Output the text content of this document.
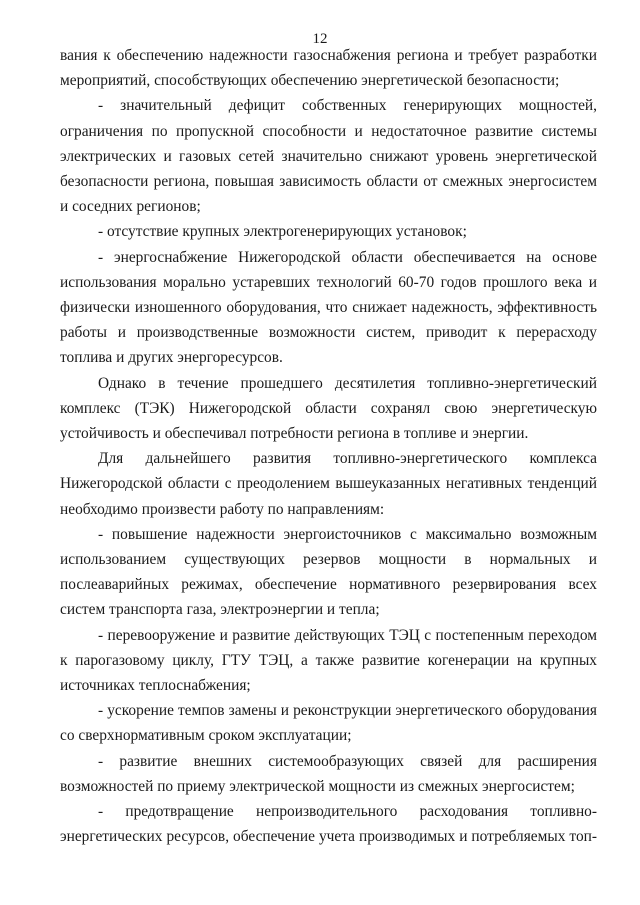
12

вания к обеспечению надежности газоснабжения региона и требует разработки мероприятий, способствующих обеспечению энергетической безопасности;

- значительный дефицит собственных генерирующих мощностей, ограничения по пропускной способности и недостаточное развитие системы электрических и газовых сетей значительно снижают уровень энергетической безопасности региона, повышая зависимость области от смежных энергосистем и соседних регионов;

- отсутствие крупных электрогенерирующих установок;

- энергоснабжение Нижегородской области обеспечивается на основе использования морально устаревших технологий 60-70 годов прошлого века и физически изношенного оборудования, что снижает надежность, эффективность работы и производственные возможности систем, приводит к перерасходу топлива и других энергоресурсов.

Однако в течение прошедшего десятилетия топливно-энергетический комплекс (ТЭК) Нижегородской области сохранял свою энергетическую устойчивость и обеспечивал потребности региона в топливе и энергии.

Для дальнейшего развития топливно-энергетического комплекса Нижегородской области с преодолением вышеуказанных негативных тенденций необходимо произвести работу по направлениям:

- повышение надежности энергоисточников с максимально возможным использованием существующих резервов мощности в нормальных и послеаварийных режимах, обеспечение нормативного резервирования всех систем транспорта газа, электроэнергии и тепла;

- перевооружение и развитие действующих ТЭЦ с постепенным переходом к парогазовому циклу, ГТУ ТЭЦ, а также развитие когенерации на крупных источниках теплоснабжения;

- ускорение темпов замены и реконструкции энергетического оборудования со сверхнормативным сроком эксплуатации;

- развитие внешних системообразующих связей для расширения возможностей по приему электрической мощности из смежных энергосистем;

- предотвращение непроизводительного расходования топливно-энергетических ресурсов, обеспечение учета производимых и потребляемых топ-
